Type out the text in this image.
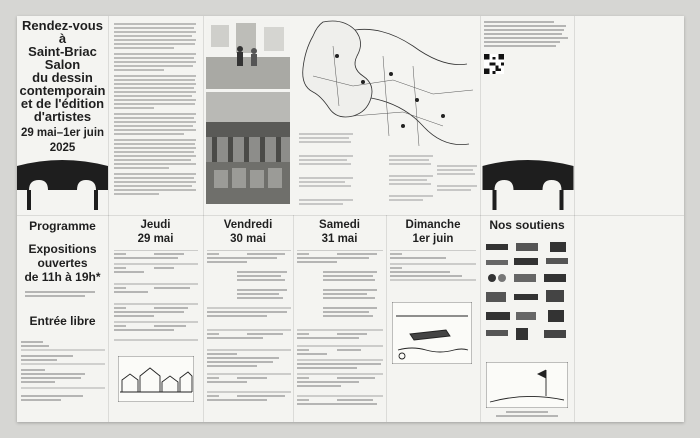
Rendez-vous à
Saint-Briac
Salon
du dessin
contemporain
et de l'édition
d'artistes
29 mai–1er juin
2025
Programme
Expositions
ouvertes
de 11h à 19h*
Entrée libre
Jeudi
29 mai
Vendredi
30 mai
Samedi
31 mai
Dimanche
1er juin
Nos soutiens
